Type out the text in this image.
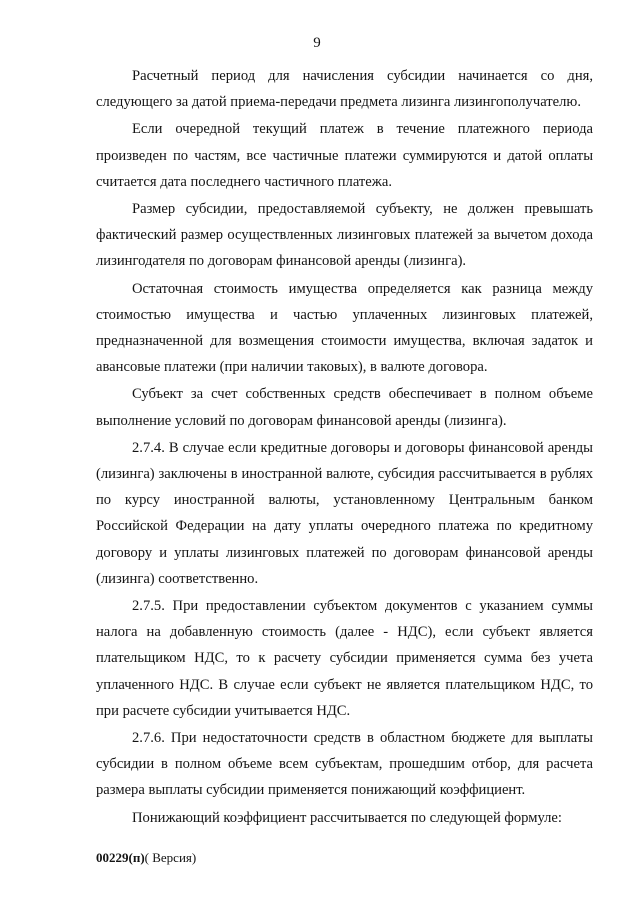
9

Расчетный период для начисления субсидии начинается со дня, следующего за датой приема-передачи предмета лизинга лизингополучателю.

Если очередной текущий платеж в течение платежного периода произведен по частям, все частичные платежи суммируются и датой оплаты считается дата последнего частичного платежа.

Размер субсидии, предоставляемой субъекту, не должен превышать фактический размер осуществленных лизинговых платежей за вычетом дохода лизингодателя по договорам финансовой аренды (лизинга).

Остаточная стоимость имущества определяется как разница между стоимостью имущества и частью уплаченных лизинговых платежей, предназначенной для возмещения стоимости имущества, включая задаток и авансовые платежи (при наличии таковых), в валюте договора.

Субъект за счет собственных средств обеспечивает в полном объеме выполнение условий по договорам финансовой аренды (лизинга).

2.7.4. В случае если кредитные договоры и договоры финансовой аренды (лизинга) заключены в иностранной валюте, субсидия рассчитывается в рублях по курсу иностранной валюты, установленному Центральным банком Российской Федерации на дату уплаты очередного платежа по кредитному договору и уплаты лизинговых платежей по договорам финансовой аренды (лизинга) соответственно.

2.7.5. При предоставлении субъектом документов с указанием суммы налога на добавленную стоимость (далее - НДС), если субъект является плательщиком НДС, то к расчету субсидии применяется сумма без учета уплаченного НДС. В случае если субъект не является плательщиком НДС, то при расчете субсидии учитывается НДС.

2.7.6. При недостаточности средств в областном бюджете для выплаты субсидии в полном объеме всем субъектам, прошедшим отбор, для расчета размера выплаты субсидии применяется понижающий коэффициент.

Понижающий коэффициент рассчитывается по следующей формуле:

00229(п)( Версия)
